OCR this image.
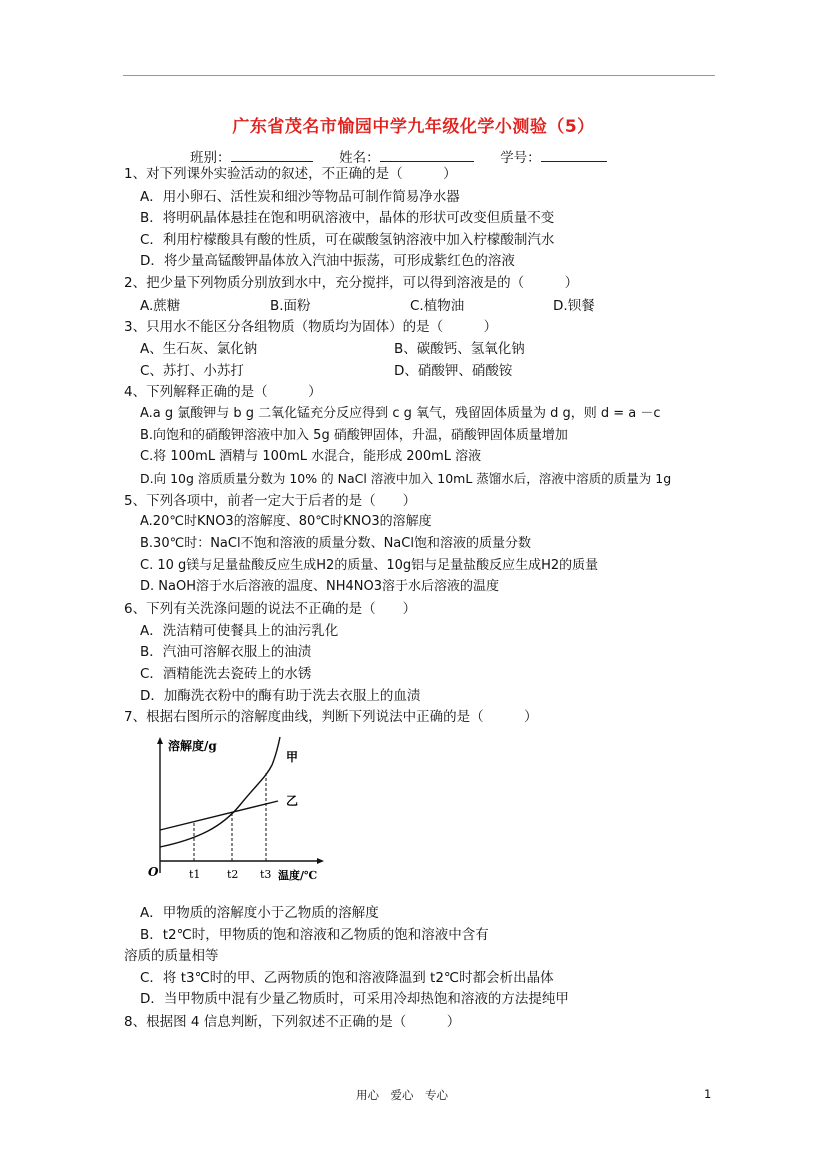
广东省茂名市愉园中学九年级化学小测验（5）
班别：	姓名：	学号：
1、对下列课外实验活动的叙述，不正确的是（　　　）
A．用小卵石、活性炭和细沙等物品可制作简易净水器
B．将明矾晶体悬挂在饱和明矾溶液中，晶体的形状可改变但质量不变
C．利用柠檬酸具有酸的性质，可在碳酸氢钠溶液中加入柠檬酸制汽水
D．将少量高锰酸钾晶体放入汽油中振荡，可形成紫红色的溶液
2、把少量下列物质分别放到水中，充分搅拌，可以得到溶液是的（　　　）
A.蔗糖	B.面粉	C.植物油	D.钡餐
3、只用水不能区分各组物质（物质均为固体）的是（　　　）
A、生石灰、氯化钠	B、碳酸钙、氢氧化钠
C、苏打、小苏打	D、硝酸钾、硝酸铵
4、下列解释正确的是（　　　）
A.a g 氯酸钾与 b g 二氧化锰充分反应得到 c g 氧气，残留固体质量为 d g，则 d = a －c
B.向饱和的硝酸钾溶液中加入 5g 硝酸钾固体，升温，硝酸钾固体质量增加
C.将 100mL 酒精与 100mL 水混合，能形成 200mL 溶液
D.向 10g 溶质质量分数为 10% 的 NaCl 溶液中加入 10mL 蒸馏水后，溶液中溶质的质量为 1g
5、下列各项中，前者一定大于后者的是（　　）
A.20℃时KNO3的溶解度、80℃时KNO3的溶解度
B.30℃时：NaCl不饱和溶液的质量分数、NaCl饱和溶液的质量分数
C. 10 g镁与足量盐酸反应生成H2的质量、10g铝与足量盐酸反应生成H2的质量
D. NaOH溶于水后溶液的温度、NH4NO3溶于水后溶液的温度
6、下列有关洗涤问题的说法不正确的是（　　）
A．洗洁精可使餐具上的油污乳化
B．汽油可溶解衣服上的油渍
C．酒精能洗去瓷砖上的水锈
D．加酶洗衣粉中的酶有助于洗去衣服上的血渍
7、根据右图所示的溶解度曲线，判断下列说法中正确的是（　　　）
溶解度/g
甲
乙
O	t1 t2 t3 温度/℃
A．甲物质的溶解度小于乙物质的溶解度
B．t2℃时，甲物质的饱和溶液和乙物质的饱和溶液中含有
溶质的质量相等
C．将 t3℃时的甲、乙两物质的饱和溶液降温到 t2℃时都会析出晶体
D．当甲物质中混有少量乙物质时，可采用冷却热饱和溶液的方法提纯甲
8、根据图 4 信息判断，下列叙述不正确的是（　　　）
用心　爱心　专心	1
